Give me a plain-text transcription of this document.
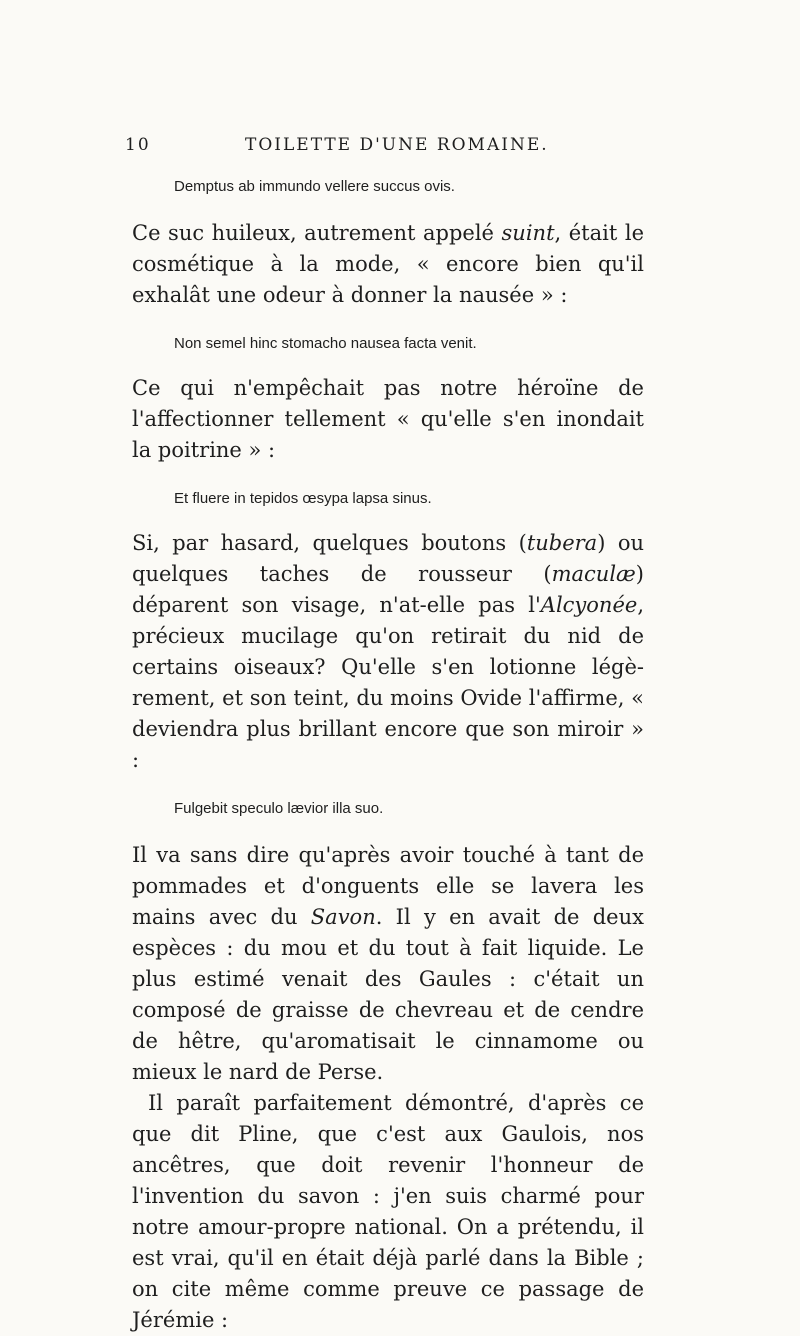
10	TOILETTE D'UNE ROMAINE.
Demptus ab immundo vellere succus ovis.

Ce suc huileux, autrement appelé suint, était le cosmétique à la mode, « encore bien qu'il exhalât une odeur à donner la nausée » :

Non semel hinc stomacho nausea facta venit.

Ce qui n'empêchait pas notre héroïne de l'affectionner tellement « qu'elle s'en inondait la poitrine » :

Et fluere in tepidos œsypa lapsa sinus.

Si, par hasard, quelques boutons (tubera) ou quelques taches de rousseur (maculæ) déparent son visage, n'at-elle pas l'Alcyonée, précieux mucilage qu'on retirait du nid de certains oiseaux? Qu'elle s'en lotionne légèrement, et son teint, du moins Ovide l'affirme, « deviendra plus brillant encore que son miroir » :

Fulgebit speculo lævior illa suo.

Il va sans dire qu'après avoir touché à tant de pommades et d'onguents elle se lavera les mains avec du Savon. Il y en avait de deux espèces : du mou et du tout à fait liquide. Le plus estimé venait des Gaules : c'était un composé de graisse de chevreau et de cendre de hêtre, qu'aromatisait le cinnamome ou mieux le nard de Perse.

Il paraît parfaitement démontré, d'après ce que dit Pline, que c'est aux Gaulois, nos ancêtres, que doit revenir l'honneur de l'invention du savon : j'en suis charmé pour notre amour-propre national. On a prétendu, il est vrai, qu'il en était déjà parlé dans la Bible ; on cite même comme preuve ce passage de Jérémie :
